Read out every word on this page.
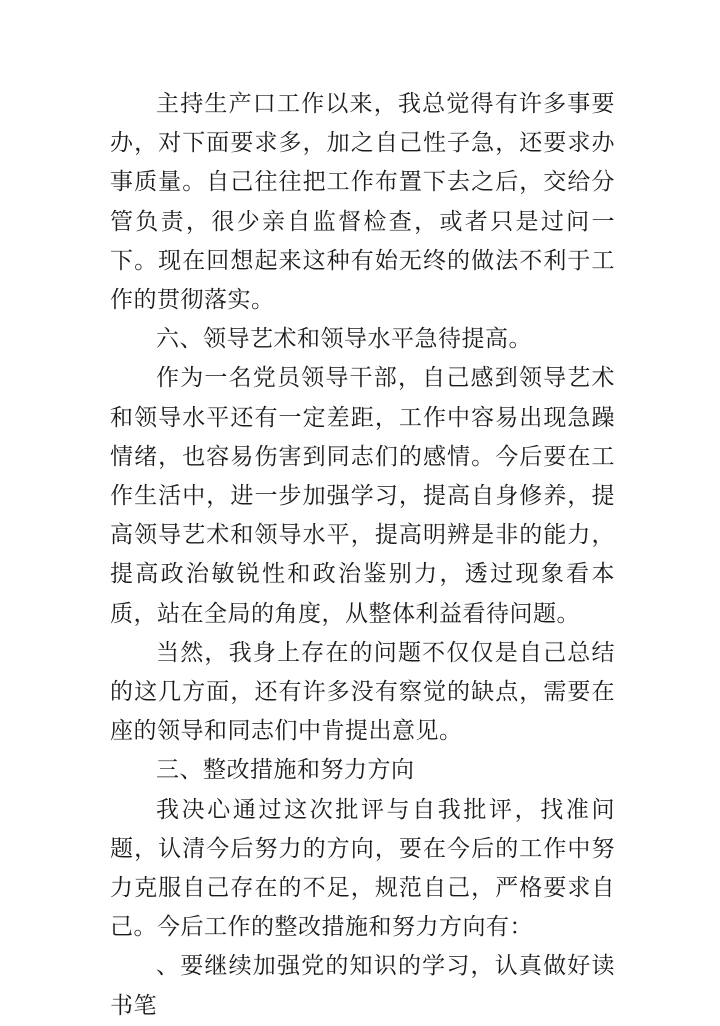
主持生产口工作以来，我总觉得有许多事要办，对下面要求多，加之自己性子急，还要求办事质量。自己往往把工作布置下去之后，交给分管负责，很少亲自监督检查，或者只是过问一下。现在回想起来这种有始无终的做法不利于工作的贯彻落实。

六、领导艺术和领导水平急待提高。

作为一名党员领导干部，自己感到领导艺术和领导水平还有一定差距，工作中容易出现急躁情绪，也容易伤害到同志们的感情。今后要在工作生活中，进一步加强学习，提高自身修养，提高领导艺术和领导水平，提高明辨是非的能力，提高政治敏锐性和政治鉴别力，透过现象看本质，站在全局的角度，从整体利益看待问题。

当然，我身上存在的问题不仅仅是自己总结的这几方面，还有许多没有察觉的缺点，需要在座的领导和同志们中肯提出意见。

三、整改措施和努力方向

我决心通过这次批评与自我批评，找准问题，认清今后努力的方向，要在今后的工作中努力克服自己存在的不足，规范自己，严格要求自己。今后工作的整改措施和努力方向有：

、要继续加强党的知识的学习，认真做好读书笔
